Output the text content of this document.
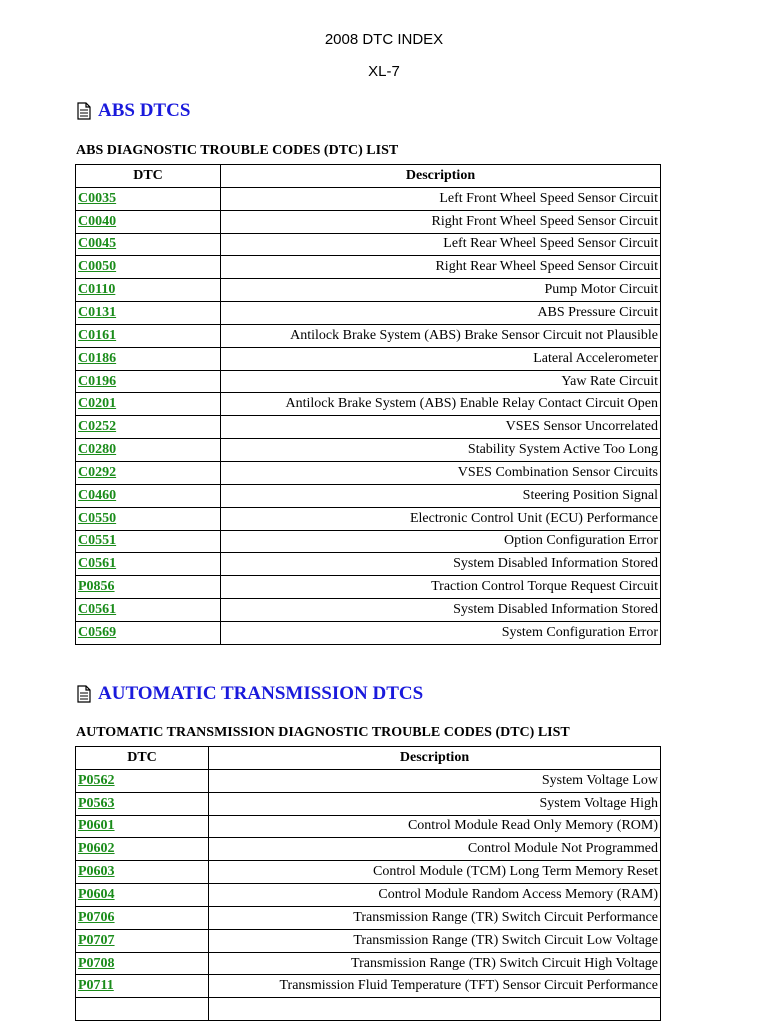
2008 DTC INDEX
XL-7
ABS DTCS
ABS DIAGNOSTIC TROUBLE CODES (DTC) LIST
DTC	Description
C0035	Left Front Wheel Speed Sensor Circuit
C0040	Right Front Wheel Speed Sensor Circuit
C0045	Left Rear Wheel Speed Sensor Circuit
C0050	Right Rear Wheel Speed Sensor Circuit
C0110	Pump Motor Circuit
C0131	ABS Pressure Circuit
C0161	Antilock Brake System (ABS) Brake Sensor Circuit not Plausible
C0186	Lateral Accelerometer
C0196	Yaw Rate Circuit
C0201	Antilock Brake System (ABS) Enable Relay Contact Circuit Open
C0252	VSES Sensor Uncorrelated
C0280	Stability System Active Too Long
C0292	VSES Combination Sensor Circuits
C0460	Steering Position Signal
C0550	Electronic Control Unit (ECU) Performance
C0551	Option Configuration Error
C0561	System Disabled Information Stored
P0856	Traction Control Torque Request Circuit
C0561	System Disabled Information Stored
C0569	System Configuration Error
AUTOMATIC TRANSMISSION DTCS
AUTOMATIC TRANSMISSION DIAGNOSTIC TROUBLE CODES (DTC) LIST
DTC	Description
P0562	System Voltage Low
P0563	System Voltage High
P0601	Control Module Read Only Memory (ROM)
P0602	Control Module Not Programmed
P0603	Control Module (TCM) Long Term Memory Reset
P0604	Control Module Random Access Memory (RAM)
P0706	Transmission Range (TR) Switch Circuit Performance
P0707	Transmission Range (TR) Switch Circuit Low Voltage
P0708	Transmission Range (TR) Switch Circuit High Voltage
P0711	Transmission Fluid Temperature (TFT) Sensor Circuit Performance
